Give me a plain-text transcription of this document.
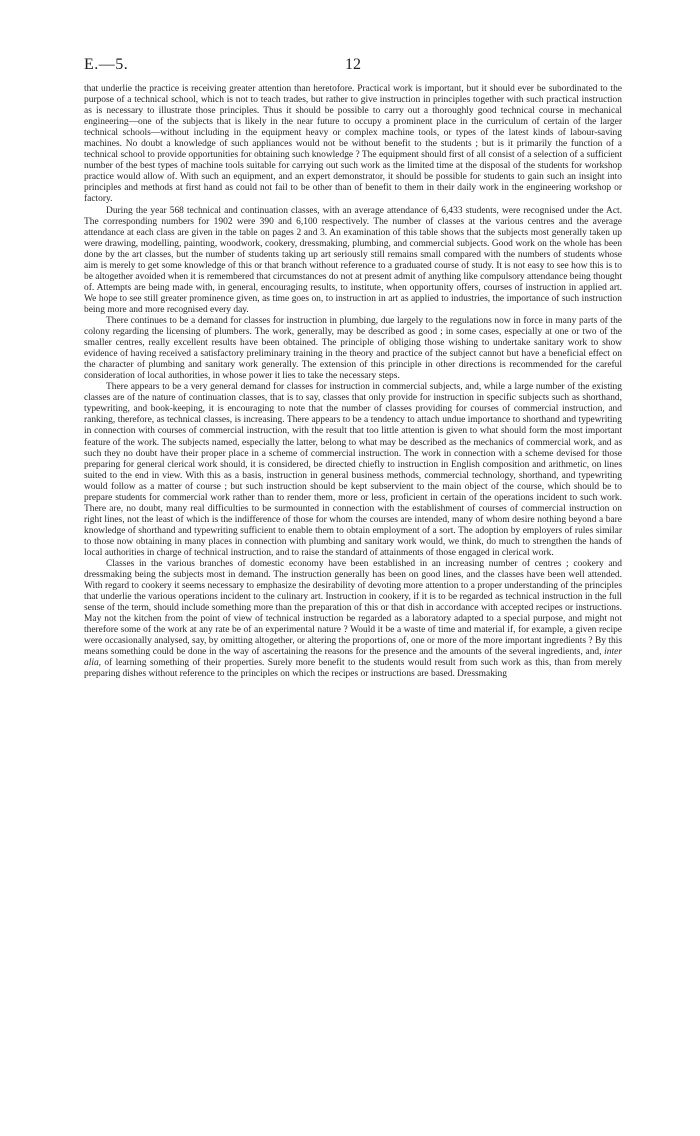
E.—5.	12

that underlie the practice is receiving greater attention than heretofore. Practical work is important, but it should ever be subordinated to the purpose of a technical school, which is not to teach trades, but rather to give instruction in principles together with such practical instruction as is necessary to illustrate those principles. Thus it should be possible to carry out a thoroughly good technical course in mechanical engineering—one of the subjects that is likely in the near future to occupy a prominent place in the curriculum of certain of the larger technical schools—without including in the equipment heavy or complex machine tools, or types of the latest kinds of labour-saving machines. No doubt a knowledge of such appliances would not be without benefit to the students ; but is it primarily the function of a technical school to provide opportunities for obtaining such knowledge ? The equipment should first of all consist of a selection of a sufficient number of the best types of machine tools suitable for carrying out such work as the limited time at the disposal of the students for workshop practice would allow of. With such an equipment, and an expert demonstrator, it should be possible for students to gain such an insight into principles and methods at first hand as could not fail to be other than of benefit to them in their daily work in the engineering workshop or factory.

During the year 568 technical and continuation classes, with an average attendance of 6,433 students, were recognised under the Act. The corresponding numbers for 1902 were 390 and 6,100 respectively. The number of classes at the various centres and the average attendance at each class are given in the table on pages 2 and 3. An examination of this table shows that the subjects most generally taken up were drawing, modelling, painting, woodwork, cookery, dressmaking, plumbing, and commercial subjects. Good work on the whole has been done by the art classes, but the number of students taking up art seriously still remains small compared with the numbers of students whose aim is merely to get some knowledge of this or that branch without reference to a graduated course of study. It is not easy to see how this is to be altogether avoided when it is remembered that circumstances do not at present admit of anything like compulsory attendance being thought of. Attempts are being made with, in general, encouraging results, to institute, when opportunity offers, courses of instruction in applied art. We hope to see still greater prominence given, as time goes on, to instruction in art as applied to industries, the importance of such instruction being more and more recognised every day.

There continues to be a demand for classes for instruction in plumbing, due largely to the regulations now in force in many parts of the colony regarding the licensing of plumbers. The work, generally, may be described as good ; in some cases, especially at one or two of the smaller centres, really excellent results have been obtained. The principle of obliging those wishing to undertake sanitary work to show evidence of having received a satisfactory preliminary training in the theory and practice of the subject cannot but have a beneficial effect on the character of plumbing and sanitary work generally. The extension of this principle in other directions is recommended for the careful consideration of local authorities, in whose power it lies to take the necessary steps.

There appears to be a very general demand for classes for instruction in commercial subjects, and, while a large number of the existing classes are of the nature of continuation classes, that is to say, classes that only provide for instruction in specific subjects such as shorthand, typewriting, and book-keeping, it is encouraging to note that the number of classes providing for courses of commercial instruction, and ranking, therefore, as technical classes, is increasing. There appears to be a tendency to attach undue importance to shorthand and typewriting in connection with courses of commercial instruction, with the result that too little attention is given to what should form the most important feature of the work. The subjects named, especially the latter, belong to what may be described as the mechanics of commercial work, and as such they no doubt have their proper place in a scheme of commercial instruction. The work in connection with a scheme devised for those preparing for general clerical work should, it is considered, be directed chiefly to instruction in English composition and arithmetic, on lines suited to the end in view. With this as a basis, instruction in general business methods, commercial technology, shorthand, and typewriting would follow as a matter of course ; but such instruction should be kept subservient to the main object of the course, which should be to prepare students for commercial work rather than to render them, more or less, proficient in certain of the operations incident to such work. There are, no doubt, many real difficulties to be surmounted in connection with the establishment of courses of commercial instruction on right lines, not the least of which is the indifference of those for whom the courses are intended, many of whom desire nothing beyond a bare knowledge of shorthand and typewriting sufficient to enable them to obtain employment of a sort. The adoption by employers of rules similar to those now obtaining in many places in connection with plumbing and sanitary work would, we think, do much to strengthen the hands of local authorities in charge of technical instruction, and to raise the standard of attainments of those engaged in clerical work.

Classes in the various branches of domestic economy have been established in an increasing number of centres ; cookery and dressmaking being the subjects most in demand. The instruction generally has been on good lines, and the classes have been well attended. With regard to cookery it seems necessary to emphasize the desirability of devoting more attention to a proper understanding of the principles that underlie the various operations incident to the culinary art. Instruction in cookery, if it is to be regarded as technical instruction in the full sense of the term, should include something more than the preparation of this or that dish in accordance with accepted recipes or instructions. May not the kitchen from the point of view of technical instruction be regarded as a laboratory adapted to a special purpose, and might not therefore some of the work at any rate be of an experimental nature ? Would it be a waste of time and material if, for example, a given recipe were occasionally analysed, say, by omitting altogether, or altering the proportions of, one or more of the more important ingredients ? By this means something could be done in the way of ascertaining the reasons for the presence and the amounts of the several ingredients, and, inter alia, of learning something of their properties. Surely more benefit to the students would result from such work as this, than from merely preparing dishes without reference to the principles on which the recipes or instructions are based. Dressmaking
